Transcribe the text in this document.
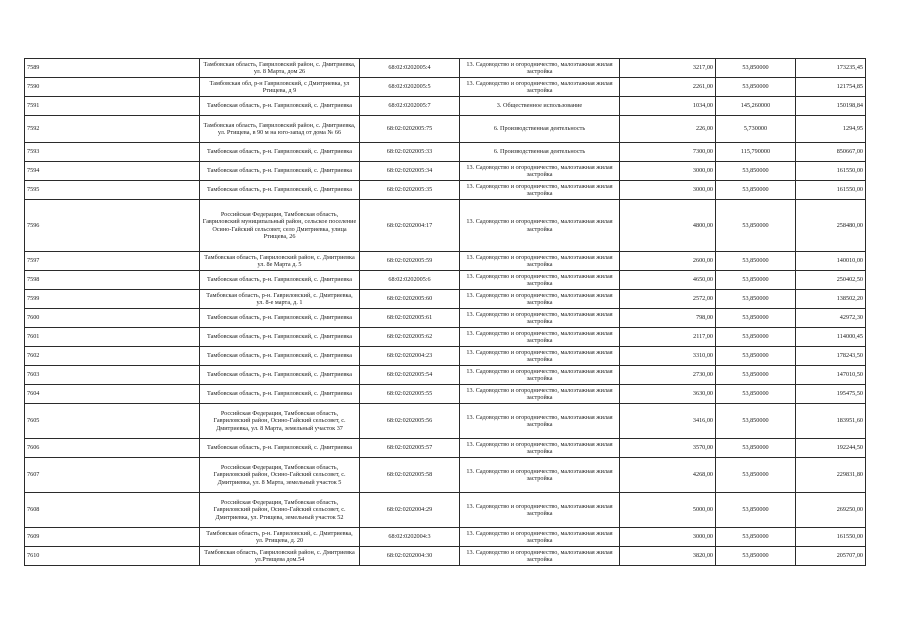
7589	Тамбовская область, Гавриловский район, с. Дмитриевка, ул. 8 Марта, дом 26	68:02:0202005:4	13. Садоводство и огородничество, малоэтажная жилая застройка	3217,00	53,850000	173235,45
7590	Тамбовская обл, р-н Гавриловский, с Дмитриевка, ул Ртищева, д 9	68:02:0202005:5	13. Садоводство и огородничество, малоэтажная жилая застройка	2261,00	53,850000	121754,85
7591	Тамбовская область, р-н. Гавриловский, с. Дмитриевка	68:02:0202005:7	3. Общественное использование	1034,00	145,260000	150198,84
7592	Тамбовская область, Гавриловский район, с. Дмитриевка, ул. Ртищева, в 90 м на юго-запад от дома № 66	68:02:0202005:75	6. Производственная деятельность	226,00	5,730000	1294,95
7593	Тамбовская область, р-н. Гавриловский, с. Дмитриевка	68:02:0202005:33	6. Производственная деятельность	7300,00	115,790000	850667,00
7594	Тамбовская область, р-н. Гавриловский, с. Дмитриевка	68:02:0202005:34	13. Садоводство и огородничество, малоэтажная жилая застройка	3000,00	53,850000	161550,00
7595	Тамбовская область, р-н. Гавриловский, с. Дмитриевка	68:02:0202005:35	13. Садоводство и огородничество, малоэтажная жилая застройка	3000,00	53,850000	161550,00
7596	Российская Федерация, Тамбовская область, Гавриловский муниципальный район, сельское поселение Осино-Гайский сельсовет, село Дмитриевка, улица Ртищева, 26	68:02:0202004:17	13. Садоводство и огородничество, малоэтажная жилая застройка	4800,00	53,850000	258480,00
7597	Тамбовская область, Гавриловский район, с. Дмитриевка ул. 8е Марта д. 5	68:02:0202005:59	13. Садоводство и огородничество, малоэтажная жилая застройка	2600,00	53,850000	140010,00
7598	Тамбовская область, р-н. Гавриловский, с. Дмитриевка	68:02:0202005:6	13. Садоводство и огородничество, малоэтажная жилая застройка	4650,00	53,850000	250402,50
7599	Тамбовская область, р-н. Гавриловский, с. Дмитриевка, ул. 8-е марта, д. 1	68:02:0202005:60	13. Садоводство и огородничество, малоэтажная жилая застройка	2572,00	53,850000	138502,20
7600	Тамбовская область, р-н. Гавриловский, с. Дмитриевка	68:02:0202005:61	13. Садоводство и огородничество, малоэтажная жилая застройка	798,00	53,850000	42972,30
7601	Тамбовская область, р-н. Гавриловский, с. Дмитриевка	68:02:0202005:62	13. Садоводство и огородничество, малоэтажная жилая застройка	2117,00	53,850000	114000,45
7602	Тамбовская область, р-н. Гавриловский, с. Дмитриевка	68:02:0202004:23	13. Садоводство и огородничество, малоэтажная жилая застройка	3310,00	53,850000	178243,50
7603	Тамбовская область, р-н. Гавриловский, с. Дмитриевка	68:02:0202005:54	13. Садоводство и огородничество, малоэтажная жилая застройка	2730,00	53,850000	147010,50
7604	Тамбовская область, р-н. Гавриловский, с. Дмитриевка	68:02:0202005:55	13. Садоводство и огородничество, малоэтажная жилая застройка	3630,00	53,850000	195475,50
7605	Российская Федерация, Тамбовская область, Гавриловский район, Осино-Гайский сельсовет, с. Дмитриевка, ул. 8 Марта, земельный участок 37	68:02:0202005:56	13. Садоводство и огородничество, малоэтажная жилая застройка	3416,00	53,850000	183951,60
7606	Тамбовская область, р-н. Гавриловский, с. Дмитриевка	68:02:0202005:57	13. Садоводство и огородничество, малоэтажная жилая застройка	3570,00	53,850000	192244,50
7607	Российская Федерация, Тамбовская область, Гавриловский район, Осино-Гайский сельсовет, с. Дмитриевка, ул. 8 Марта, земельный участок 5	68:02:0202005:58	13. Садоводство и огородничество, малоэтажная жилая застройка	4268,00	53,850000	229831,80
7608	Российская Федерация, Тамбовская область, Гавриловский район, Осино-Гайский сельсовет, с. Дмитриевка, ул. Ртищева, земельный участок 52	68:02:0202004:29	13. Садоводство и огородничество, малоэтажная жилая застройка	5000,00	53,850000	269250,00
7609	Тамбовская область, р-н. Гавриловский, с. Дмитриевка, ул. Ртищева, д. 20	68:02:0202004:3	13. Садоводство и огородничество, малоэтажная жилая застройка	3000,00	53,850000	161550,00
7610	Тамбовская область, Гавриловский район, с. Дмитриевка ул.Ртищева дом.54	68:02:0202004:30	13. Садоводство и огородничество, малоэтажная жилая застройка	3820,00	53,850000	205707,00
